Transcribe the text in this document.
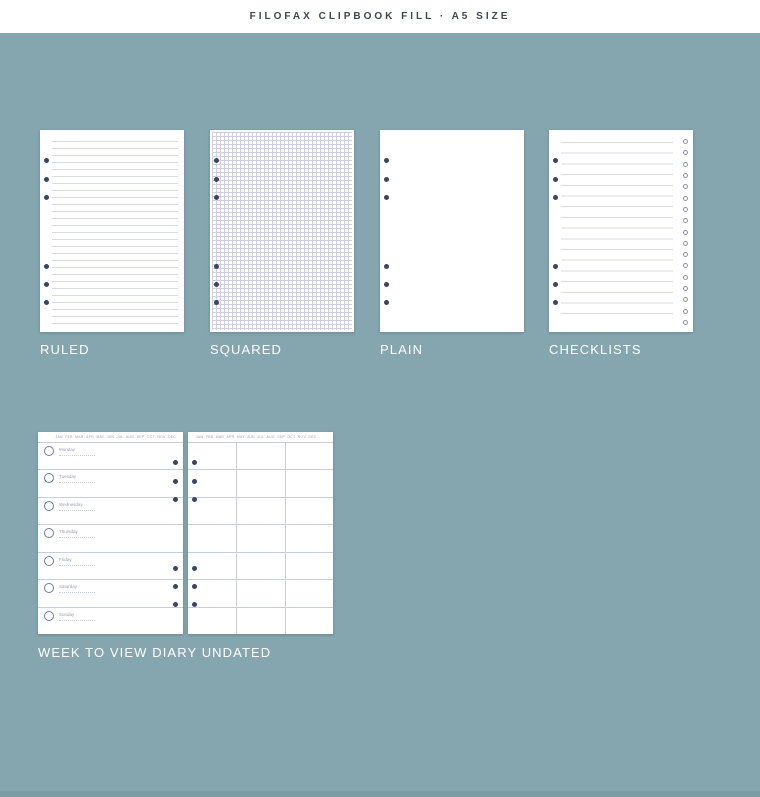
FILOFAX CLIPBOOK FILL · A5 SIZE
RULED	SQUARED	PLAIN	CHECKLISTS
JAN FEB MAR APR MAY JUN JUL AUG SEP OCT NOV DEC
Monday
Tuesday
Wednesday
Thursday
Friday
Saturday
Sunday
JAN FEB MAR APR MAY JUN JUL AUG SEP OCT NOV DEC
WEEK TO VIEW DIARY UNDATED
